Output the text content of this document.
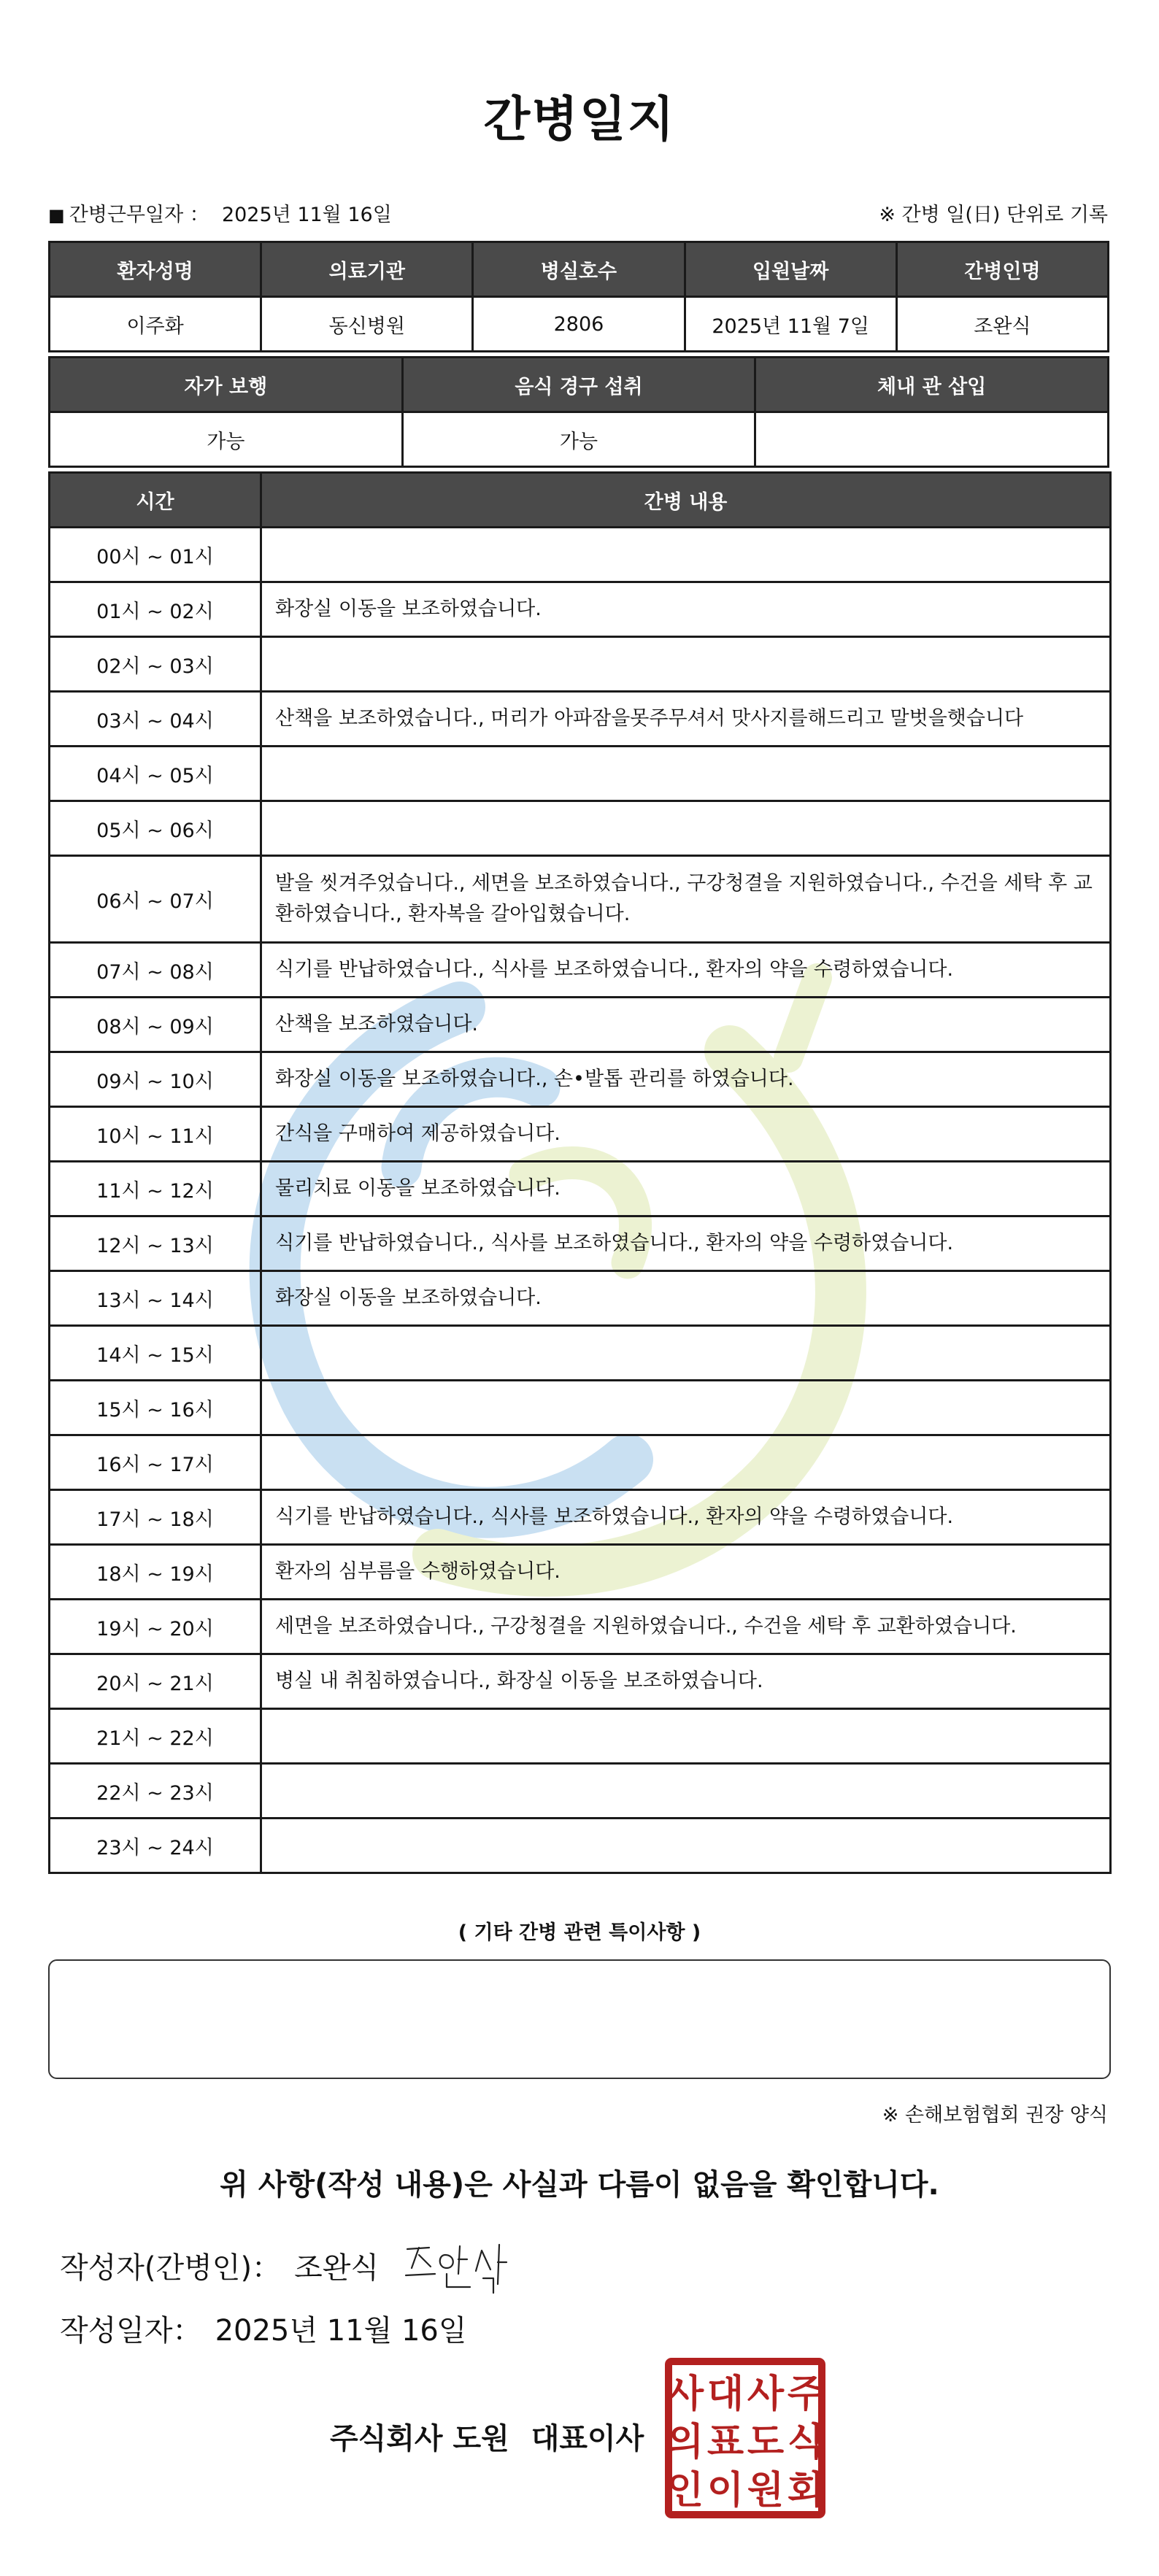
간병일지
■ 간병근무일자 ： 2025년 11월 16일	※ 간병 일(日) 단위로 기록
환자성명	의료기관	병실호수	입원날짜	간병인명
이주화	동신병원	2806	2025년 11월 7일	조완식
자가 보행	음식 경구 섭취	체내 관 삽입
가능	가능	
시간	간병 내용
00시 ~ 01시	
01시 ~ 02시	화장실 이동을 보조하였습니다.
02시 ~ 03시	
03시 ~ 04시	산책을 보조하였습니다., 머리가 아파잠을못주무셔서 맛사지를해드리고 말벗을햇습니다
04시 ~ 05시	
05시 ~ 06시	
06시 ~ 07시	발을 씻겨주었습니다., 세면을 보조하였습니다., 구강청결을 지원하였습니다., 수건을 세탁 후 교환하였습니다., 환자복을 갈아입혔습니다.
07시 ~ 08시	식기를 반납하였습니다., 식사를 보조하였습니다., 환자의 약을 수령하였습니다.
08시 ~ 09시	산책을 보조하였습니다.
09시 ~ 10시	화장실 이동을 보조하였습니다., 손•발톱 관리를 하였습니다.
10시 ~ 11시	간식을 구매하여 제공하였습니다.
11시 ~ 12시	물리치료 이동을 보조하였습니다.
12시 ~ 13시	식기를 반납하였습니다., 식사를 보조하였습니다., 환자의 약을 수령하였습니다.
13시 ~ 14시	화장실 이동을 보조하였습니다.
14시 ~ 15시	
15시 ~ 16시	
16시 ~ 17시	
17시 ~ 18시	식기를 반납하였습니다., 식사를 보조하였습니다., 환자의 약을 수령하였습니다.
18시 ~ 19시	환자의 심부름을 수행하였습니다.
19시 ~ 20시	세면을 보조하였습니다., 구강청결을 지원하였습니다., 수건을 세탁 후 교환하였습니다.
20시 ~ 21시	병실 내 취침하였습니다., 화장실 이동을 보조하였습니다.
21시 ~ 22시	
22시 ~ 23시	
23시 ~ 24시	
( 기타 간병 관련 특이사항 )
※ 손해보험협회 권장 양식
위 사항(작성 내용)은 사실과 다름이 없음을 확인합니다.
작성자(간병인)： 조완식
작성일자： 2025년 11월 16일
주식회사 도원 대표이사
주
식
회
사
도
원
대
표
이
사
의
인
